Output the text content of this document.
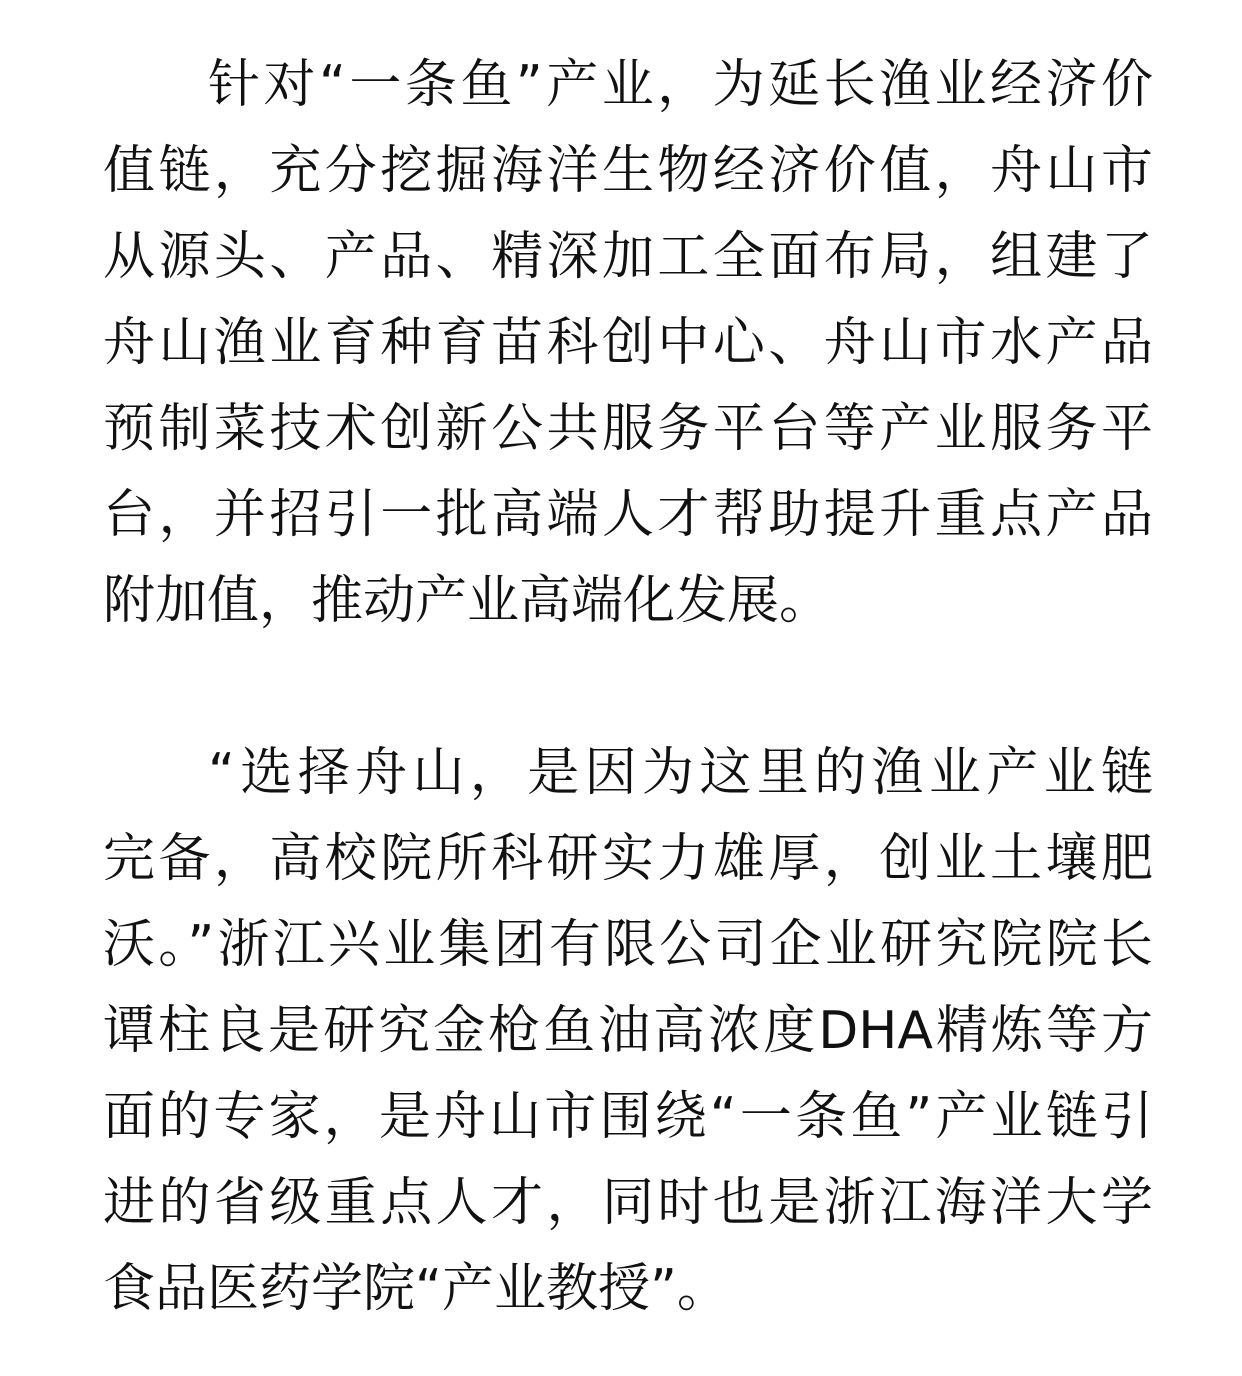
针对“一条鱼”产业，为延长渔业经济价
值链，充分挖掘海洋生物经济价值，舟山市
从源头、产品、精深加工全面布局，组建了
舟山渔业育种育苗科创中心、舟山市水产品
预制菜技术创新公共服务平台等产业服务平
台，并招引一批高端人才帮助提升重点产品
附加值，推动产业高端化发展。
“选择舟山，是因为这里的渔业产业链
完备，高校院所科研实力雄厚，创业土壤肥
沃。”浙江兴业集团有限公司企业研究院院长
谭柱良是研究金枪鱼油高浓度DHA精炼等方
面的专家，是舟山市围绕“一条鱼”产业链引
进的省级重点人才，同时也是浙江海洋大学
食品医药学院“产业教授”。
